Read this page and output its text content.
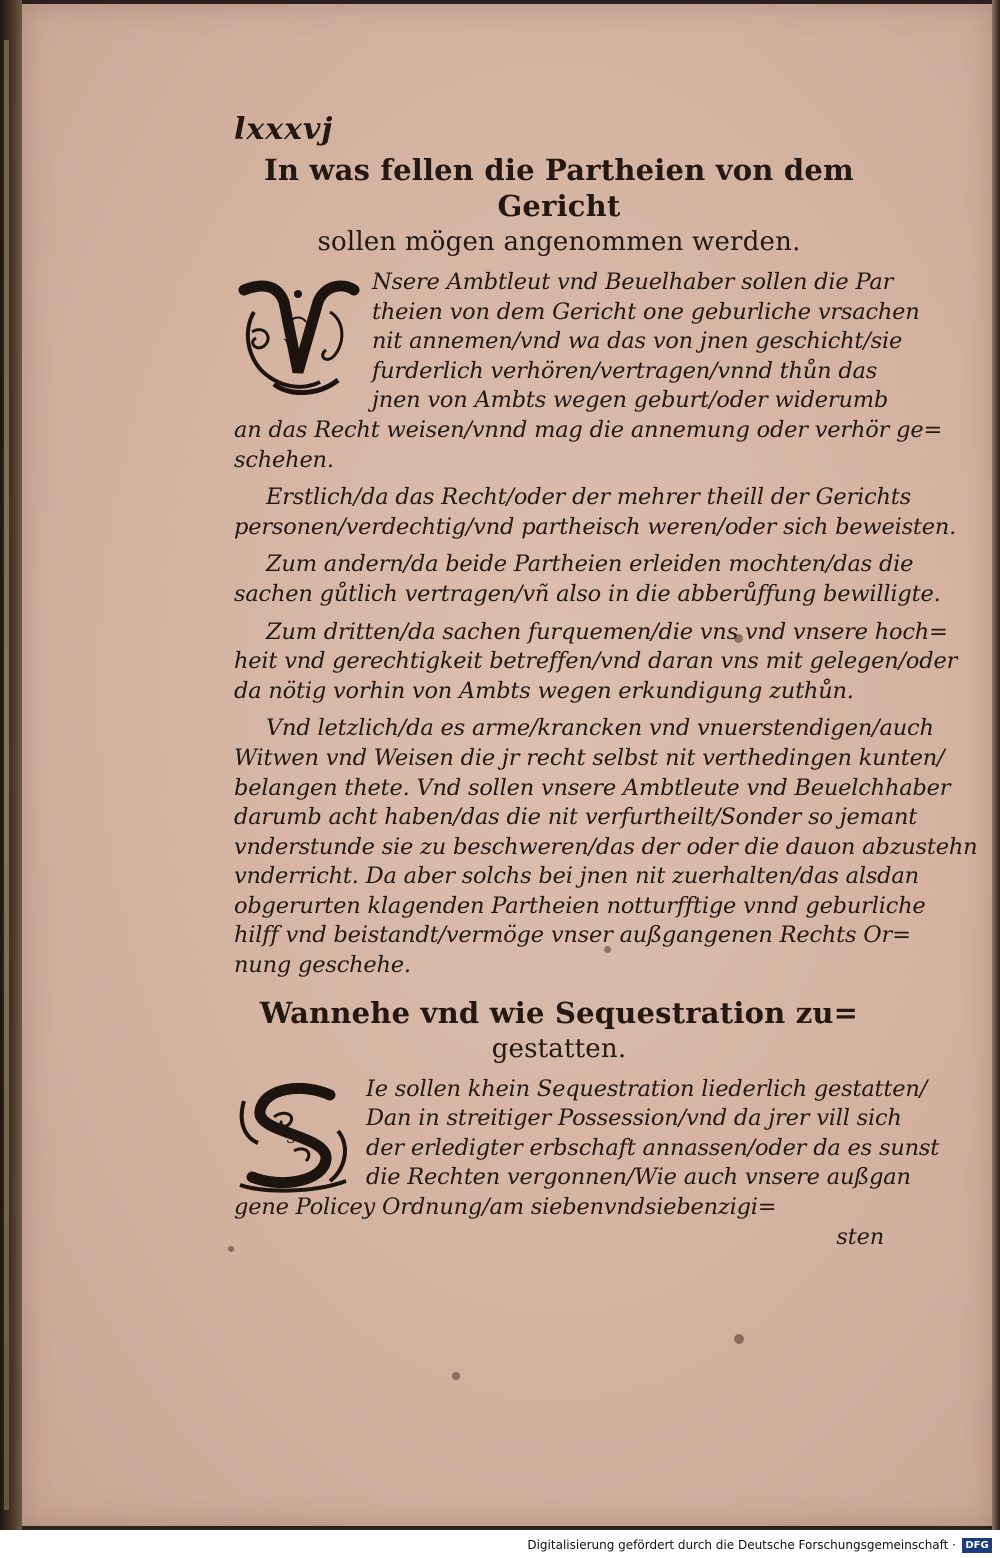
lxxxvj

In was fellen die Partheien von dem Gericht
sollen mögen angenommen werden.
V
Nsere Ambtleut vnd Beuelhaber sollen die Par
theien von dem Gericht one geburliche vrsachen
nit annemen/vnd wa das von jnen geschicht/sie
furderlich verhören/vertragen/vnnd thůn das
jnen von Ambts wegen geburt/oder widerumb
an das Recht weisen/vnnd mag die annemung oder verhör ge=
schehen.
Erstlich/da das Recht/oder der mehrer theill der Gerichts
personen/verdechtig/vnd partheisch weren/oder sich beweisten.
Zum andern/da beide Partheien erleiden mochten/das die
sachen gůtlich vertragen/vñ also in die abberůffung bewilligte.
Zum dritten/da sachen furquemen/die vns vnd vnsere hoch=
heit vnd gerechtigkeit betreffen/vnd daran vns mit gelegen/oder
da nötig vorhin von Ambts wegen erkundigung zuthůn.
Vnd letzlich/da es arme/krancken vnd vnuerstendigen/auch
Witwen vnd Weisen die jr recht selbst nit verthedingen kunten/
belangen thete. Vnd sollen vnsere Ambtleute vnd Beuelchhaber
darumb acht haben/das die nit verfurtheilt/Sonder so jemant
vnderstunde sie zu beschweren/das der oder die dauon abzustehn
vnderricht. Da aber solchs bei jnen nit zuerhalten/das alsdan
obgerurten klagenden Partheien notturfftige vnnd geburliche
hilff vnd beistandt/vermöge vnser außgangenen Rechts Or=
nung geschehe.
Wannehe vnd wie Sequestration zu=
gestatten.
S
Ie sollen khein Sequestration liederlich gestatten/
Dan in streitiger Possession/vnd da jrer vill sich
der erledigter erbschaft annassen/oder da es sunst
die Rechten vergonnen/Wie auch vnsere außgan
gene Policey Ordnung/am siebenvndsiebenzigi=
sten
Digitalisierung gefördert durch die Deutsche Forschungsgemeinschaft · DFG
